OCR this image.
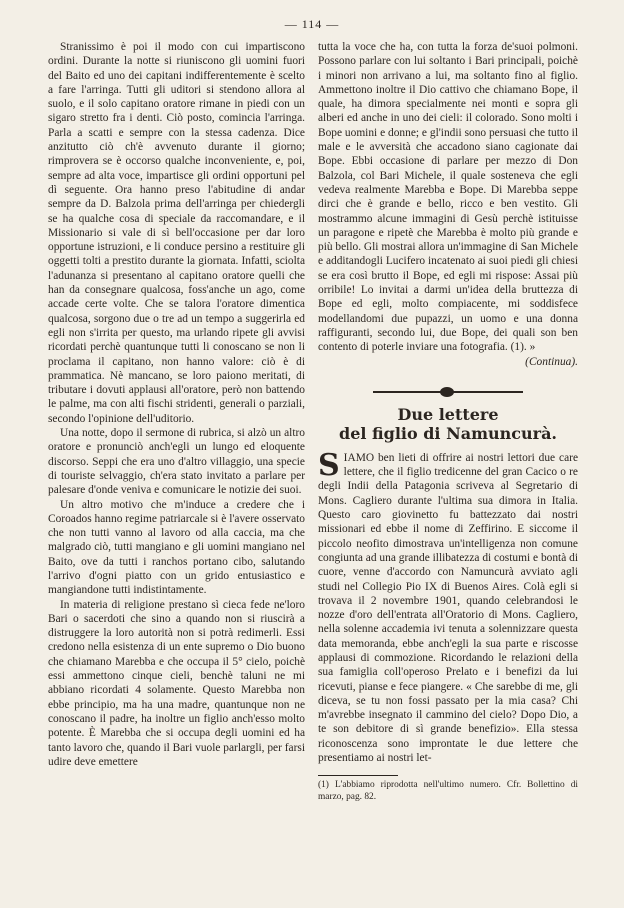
— 114 —

Stranissimo è poi il modo con cui impartiscono ordini. Durante la notte si riuniscono gli uomini fuori del Baito ed uno dei capitani indifferentemente è scelto a fare l'arringa. Tutti gli uditori si stendono allora al suolo, e il solo capitano oratore rimane in piedi con un sigaro stretto fra i denti. Ciò posto, comincia l'arringa. Parla a scatti e sempre con la stessa cadenza. Dice anzitutto ciò ch'è avvenuto durante il giorno; rimprovera se è occorso qualche inconveniente, e, poi, sempre ad alta voce, impartisce gli ordini opportuni pel dì seguente. Ora hanno preso l'abitudine di andar sempre da D. Balzola prima dell'arringa per chiedergli se ha qualche cosa di speciale da raccomandare, e il Missionario si vale di sì bell'occasione per dar loro opportune istruzioni, e li conduce persino a restituire gli oggetti tolti a prestito durante la giornata. Infatti, sciolta l'adunanza si presentano al capitano oratore quelli che han da consegnare qualcosa, foss'anche un ago, come accade certe volte. Che se talora l'oratore dimentica qualcosa, sorgono due o tre ad un tempo a suggerirla ed egli non s'irrita per questo, ma urlando ripete gli avvisi ricordati perchè quantunque tutti li conoscano se non li proclama il capitano, non hanno valore: ciò è di prammatica. Nè mancano, se loro paiono meritati, di tributare i dovuti applausi all'oratore, però non battendo le palme, ma con alti fischi stridenti, generali o parziali, secondo l'opinione dell'uditorio.

Una notte, dopo il sermone di rubrica, si alzò un altro oratore e pronunciò anch'egli un lungo ed eloquente discorso. Seppi che era uno d'altro villaggio, una specie di touriste selvaggio, ch'era stato invitato a parlare per palesare d'onde veniva e comunicare le notizie dei suoi.

Un altro motivo che m'induce a credere che i Coroados hanno regime patriarcale si è l'avere osservato che non tutti vanno al lavoro od alla caccia, ma che malgrado ciò, tutti mangiano e gli uomini mangiano nel Baito, ove da tutti i ranchos portano cibo, salutando l'arrivo d'ogni piatto con un grido entusiastico e mangiandone tutti indistintamente.

In materia di religione prestano sì cieca fede ne'loro Bari o sacerdoti che sino a quando non si riuscirà a distruggere la loro autorità non si potrà redimerli. Essi credono nella esistenza di un ente supremo o Dio buono che chiamano Marebba e che occupa il 5° cielo, poichè essi ammettono cinque cieli, benchè taluni ne mi abbiano ricordati 4 solamente. Questo Marebba non ebbe principio, ma ha una madre, quantunque non ne conoscano il padre, ha inoltre un figlio anch'esso molto potente. È Marebba che si occupa degli uomini ed ha tanto lavoro che, quando il Bari vuole parlargli, per farsi udire deve emettere

tutta la voce che ha, con tutta la forza de'suoi polmoni. Possono parlare con lui soltanto i Bari principali, poichè i minori non arrivano a lui, ma soltanto fino al figlio. Ammettono inoltre il Dio cattivo che chiamano Bope, il quale, ha dimora specialmente nei monti e sopra gli alberi ed anche in uno dei cieli: il colorado. Sono molti i Bope uomini e donne; e gl'indii sono persuasi che tutto il male e le avversità che accadono siano cagionate dai Bope. Ebbi occasione di parlare per mezzo di Don Balzola, col Bari Michele, il quale sosteneva che egli vedeva realmente Marebba e Bope. Di Marebba seppe dirci che è grande e bello, ricco e ben vestito. Gli mostrammo alcune immagini di Gesù perchè istituisse un paragone e ripetè che Marebba è molto più grande e più bello. Gli mostrai allora un'immagine di San Michele e additandogli Lucifero incatenato ai suoi piedi gli chiesi se era così brutto il Bope, ed egli mi rispose: Assai più orribile! Lo invitai a darmi un'idea della bruttezza di Bope ed egli, molto compiacente, mi soddisfece modellandomi due pupazzi, un uomo e una donna raffiguranti, secondo lui, due Bope, dei quali son ben contento di poterle inviare una fotografia. (1). »

(Continua).

Due lettere
del figlio di Namuncurà.

SIAMO ben lieti di offrire ai nostri lettori due care lettere, che il figlio tredicenne del gran Cacico o re degli Indii della Patagonia scriveva al Segretario di Mons. Cagliero durante l'ultima sua dimora in Italia. Questo caro giovinetto fu battezzato dai nostri missionari ed ebbe il nome di Zeffirino. E siccome il piccolo neofito dimostrava un'intelligenza non comune congiunta ad una grande illibatezza di costumi e bontà di cuore, venne d'accordo con Namuncurà avviato agli studi nel Collegio Pio IX di Buenos Aires. Colà egli si trovava il 2 novembre 1901, quando celebrandosi le nozze d'oro dell'entrata all'Oratorio di Mons. Cagliero, nella solenne accademia ivi tenuta a solennizzare questa data memoranda, ebbe anch'egli la sua parte e riscosse applausi di commozione. Ricordando le relazioni della sua famiglia coll'operoso Prelato e i benefizi da lui ricevuti, pianse e fece piangere. « Che sarebbe di me, gli diceva, se tu non fossi passato per la mia casa? Chi m'avrebbe insegnato il cammino del cielo? Dopo Dio, a te son debitore di sì grande benefizio». Ella stessa riconoscenza sono improntate le due lettere che presentiamo ai nostri let-

(1) L'abbiamo riprodotta nell'ultimo numero. Cfr. Bollettino di marzo, pag. 82.
